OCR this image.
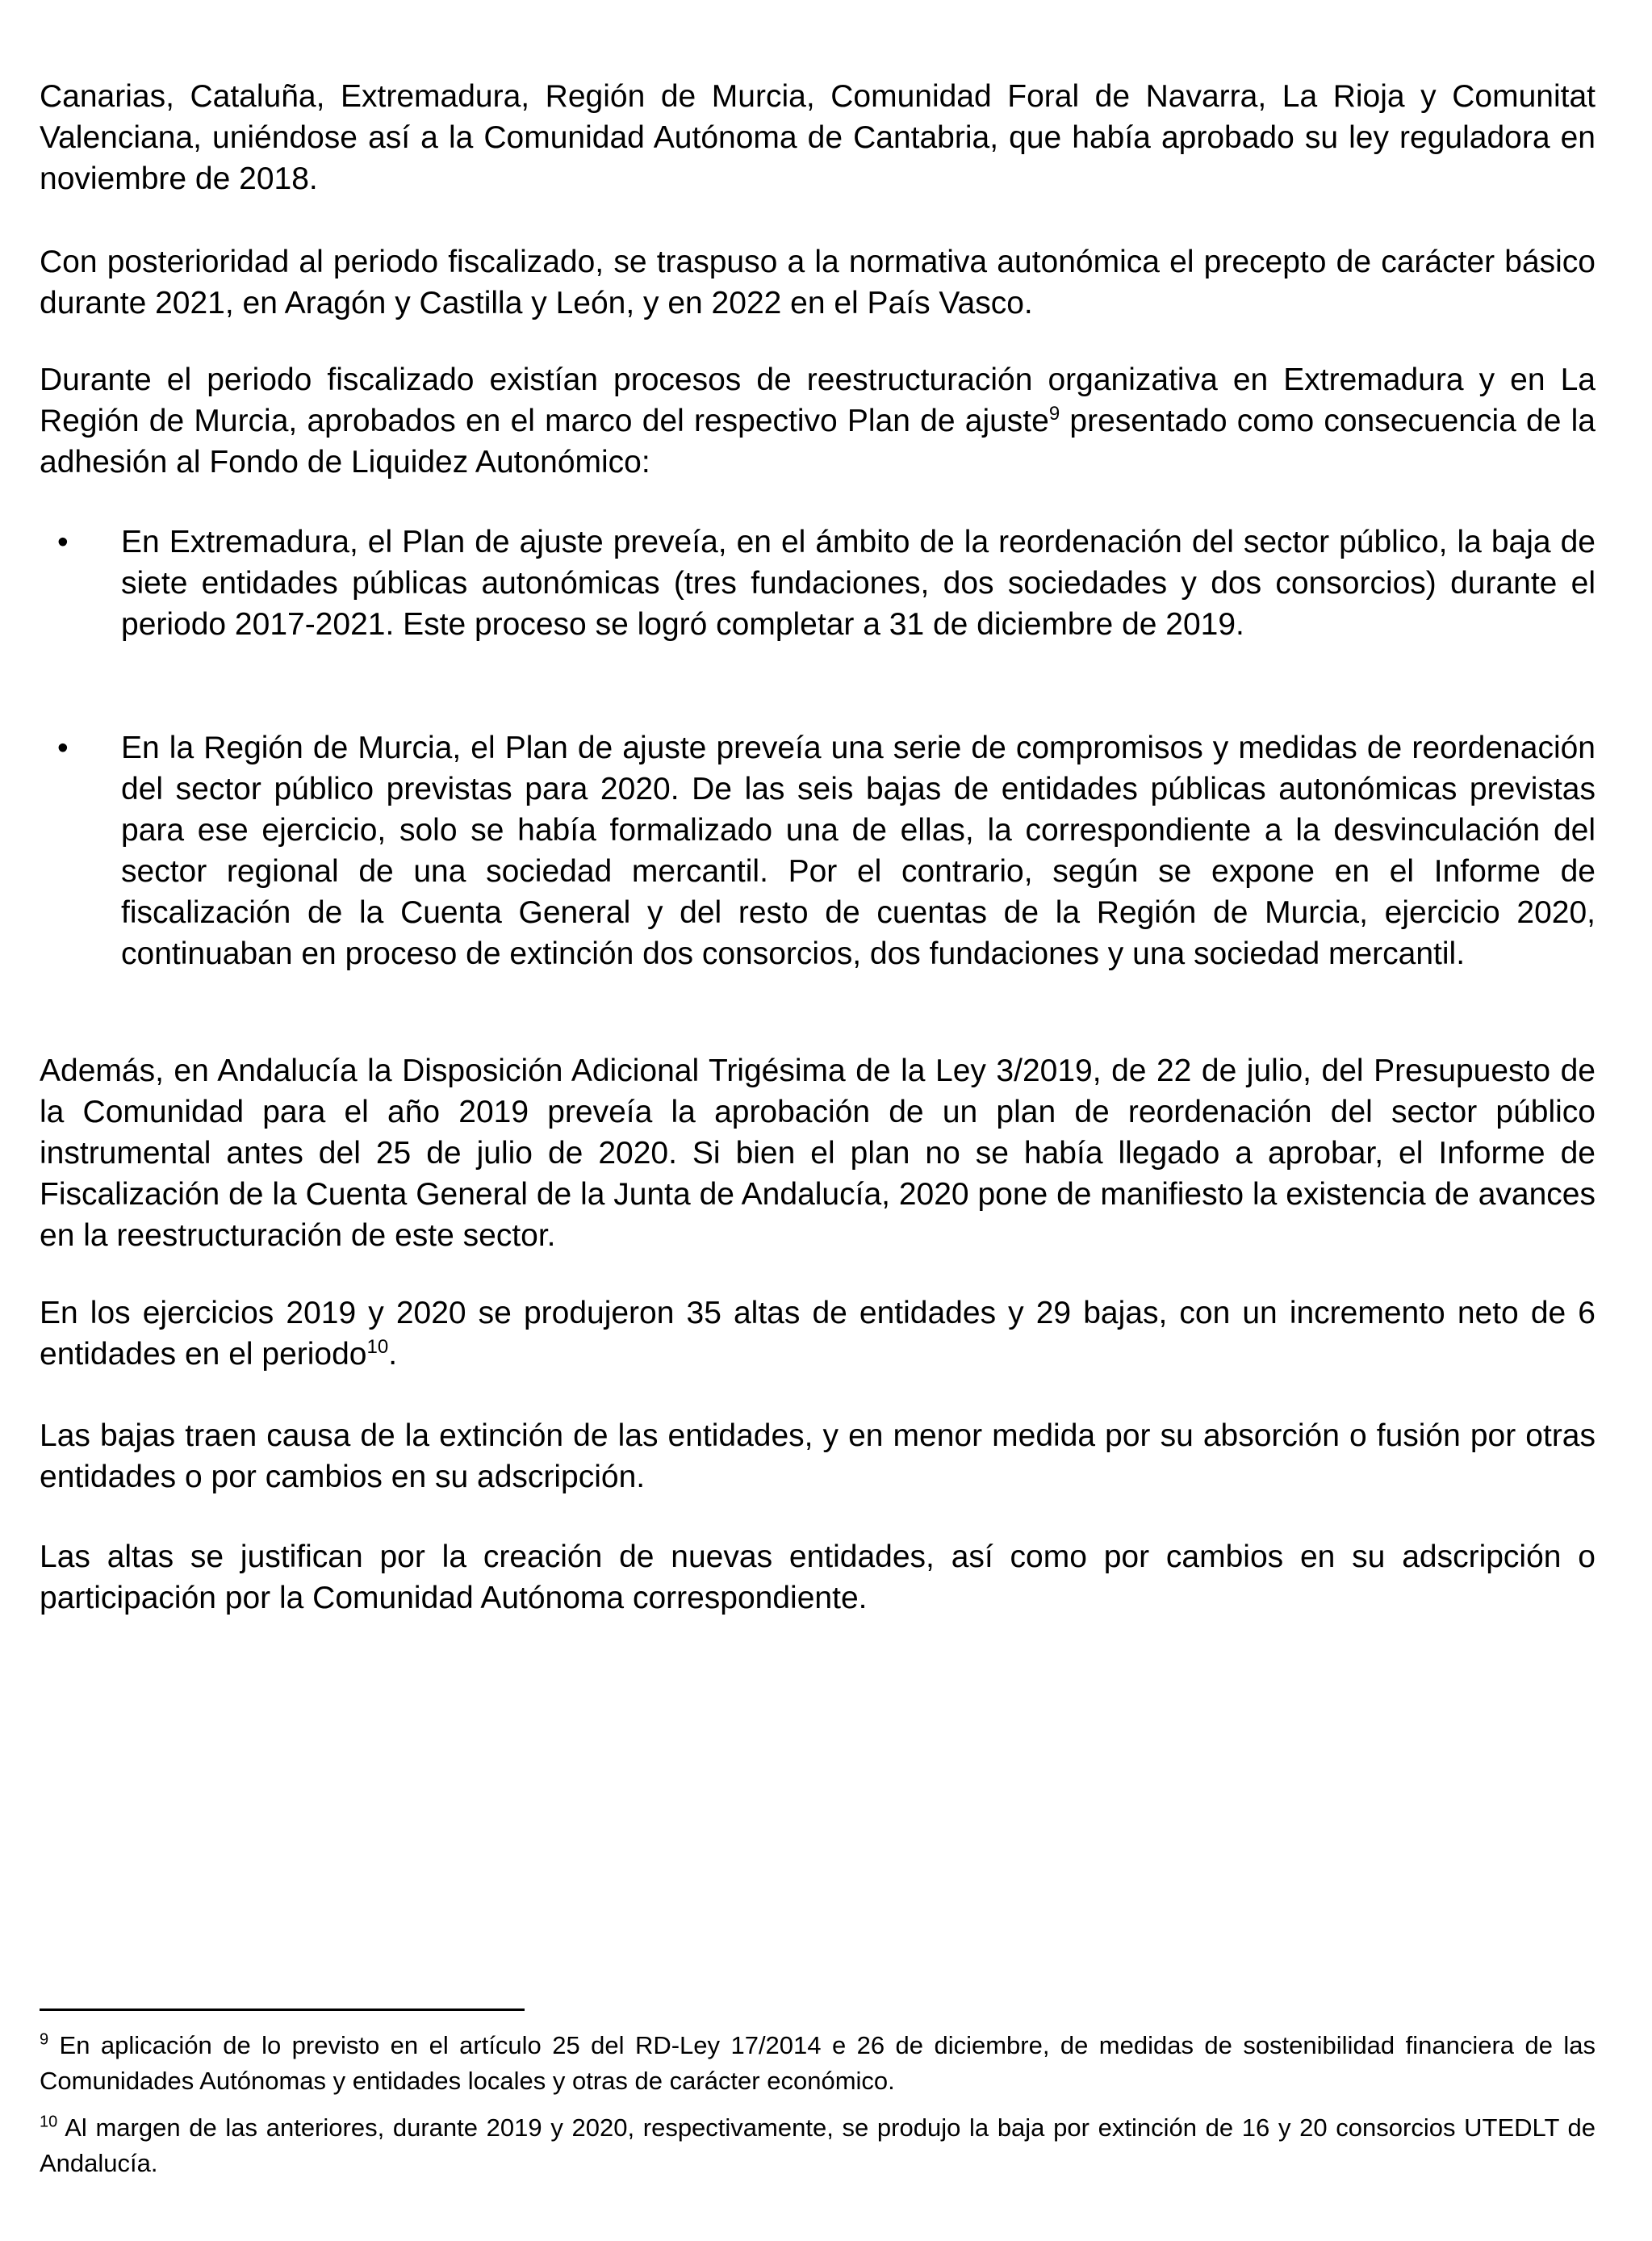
Canarias, Cataluña, Extremadura, Región de Murcia, Comunidad Foral de Navarra, La Rioja y Comunitat Valenciana, uniéndose así a la Comunidad Autónoma de Cantabria, que había aprobado su ley reguladora en noviembre de 2018.

Con posterioridad al periodo fiscalizado, se traspuso a la normativa autonómica el precepto de carácter básico durante 2021, en Aragón y Castilla y León, y en 2022 en el País Vasco.

Durante el periodo fiscalizado existían procesos de reestructuración organizativa en Extremadura y en La Región de Murcia, aprobados en el marco del respectivo Plan de ajuste$^9$ presentado como consecuencia de la adhesión al Fondo de Liquidez Autonómico:

• En Extremadura, el Plan de ajuste preveía, en el ámbito de la reordenación del sector público, la baja de siete entidades públicas autonómicas (tres fundaciones, dos sociedades y dos consorcios) durante el periodo 2017-2021. Este proceso se logró completar a 31 de diciembre de 2019.
• En la Región de Murcia, el Plan de ajuste preveía una serie de compromisos y medidas de reordenación del sector público previstas para 2020. De las seis bajas de entidades públicas autonómicas previstas para ese ejercicio, solo se había formalizado una de ellas, la correspondiente a la desvinculación del sector regional de una sociedad mercantil. Por el contrario, según se expone en el Informe de fiscalización de la Cuenta General y del resto de cuentas de la Región de Murcia, ejercicio 2020, continuaban en proceso de extinción dos consorcios, dos fundaciones y una sociedad mercantil.

Además, en Andalucía la Disposición Adicional Trigésima de la Ley 3/2019, de 22 de julio, del Presupuesto de la Comunidad para el año 2019 preveía la aprobación de un plan de reordenación del sector público instrumental antes del 25 de julio de 2020. Si bien el plan no se había llegado a aprobar, el Informe de Fiscalización de la Cuenta General de la Junta de Andalucía, 2020 pone de manifiesto la existencia de avances en la reestructuración de este sector.

En los ejercicios 2019 y 2020 se produjeron 35 altas de entidades y 29 bajas, con un incremento neto de 6 entidades en el periodo$^{10}$.

Las bajas traen causa de la extinción de las entidades, y en menor medida por su absorción o fusión por otras entidades o por cambios en su adscripción.

Las altas se justifican por la creación de nuevas entidades, así como por cambios en su adscripción o participación por la Comunidad Autónoma correspondiente.

$^9$ En aplicación de lo previsto en el artículo 25 del RD-Ley 17/2014 e 26 de diciembre, de medidas de sostenibilidad financiera de las Comunidades Autónomas y entidades locales y otras de carácter económico.

$^{10}$ Al margen de las anteriores, durante 2019 y 2020, respectivamente, se produjo la baja por extinción de 16 y 20 consorcios UTEDLT de Andalucía.
